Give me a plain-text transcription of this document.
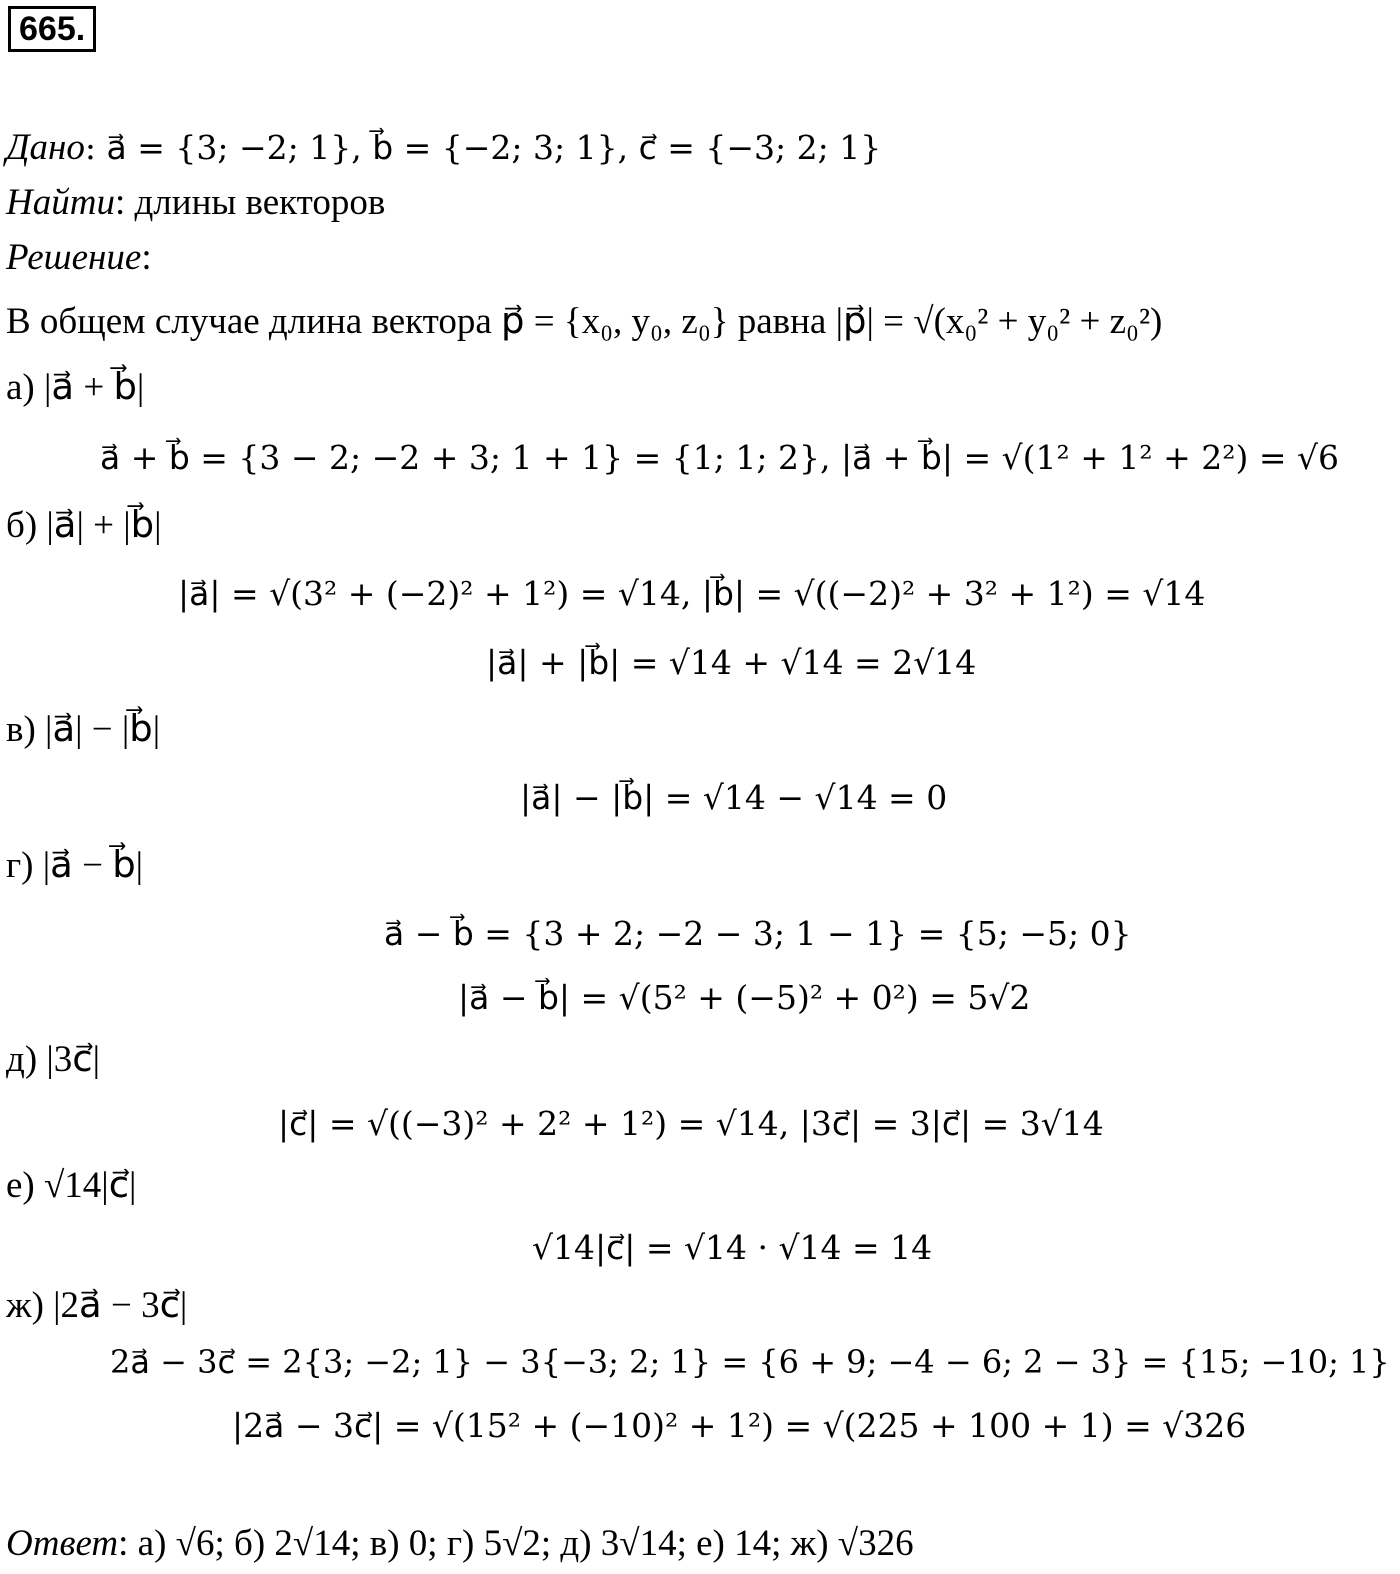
665.
Дано: a⃗ = {3; −2; 1}, b⃗ = {−2; 3; 1}, c⃗ = {−3; 2; 1}
Найти: длины векторов
Решение:
В общем случае длина вектора p⃗ = {x₀, y₀, z₀} равна |p⃗| = √(x₀² + y₀² + z₀²)
а) |a⃗ + b⃗|
a⃗ + b⃗ = {3 − 2; −2 + 3; 1 + 1} = {1; 1; 2}, |a⃗ + b⃗| = √(1² + 1² + 2²) = √6
б) |a⃗| + |b⃗|
|a⃗| = √(3² + (−2)² + 1²) = √14, |b⃗| = √((−2)² + 3² + 1²) = √14
|a⃗| + |b⃗| = √14 + √14 = 2√14
в) |a⃗| − |b⃗|
|a⃗| − |b⃗| = √14 − √14 = 0
г) |a⃗ − b⃗|
a⃗ − b⃗ = {3 + 2; −2 − 3; 1 − 1} = {5; −5; 0}
|a⃗ − b⃗| = √(5² + (−5)² + 0²) = 5√2
д) |3c⃗|
|c⃗| = √((−3)² + 2² + 1²) = √14, |3c⃗| = 3|c⃗| = 3√14
е) √14|c⃗|
√14|c⃗| = √14 · √14 = 14
ж) |2a⃗ − 3c⃗|
2a⃗ − 3c⃗ = 2{3; −2; 1} − 3{−3; 2; 1} = {6 + 9; −4 − 6; 2 − 3} = {15; −10; 1}
|2a⃗ − 3c⃗| = √(15² + (−10)² + 1²) = √(225 + 100 + 1) = √326
Ответ: а) √6; б) 2√14; в) 0; г) 5√2; д) 3√14; е) 14; ж) √326
